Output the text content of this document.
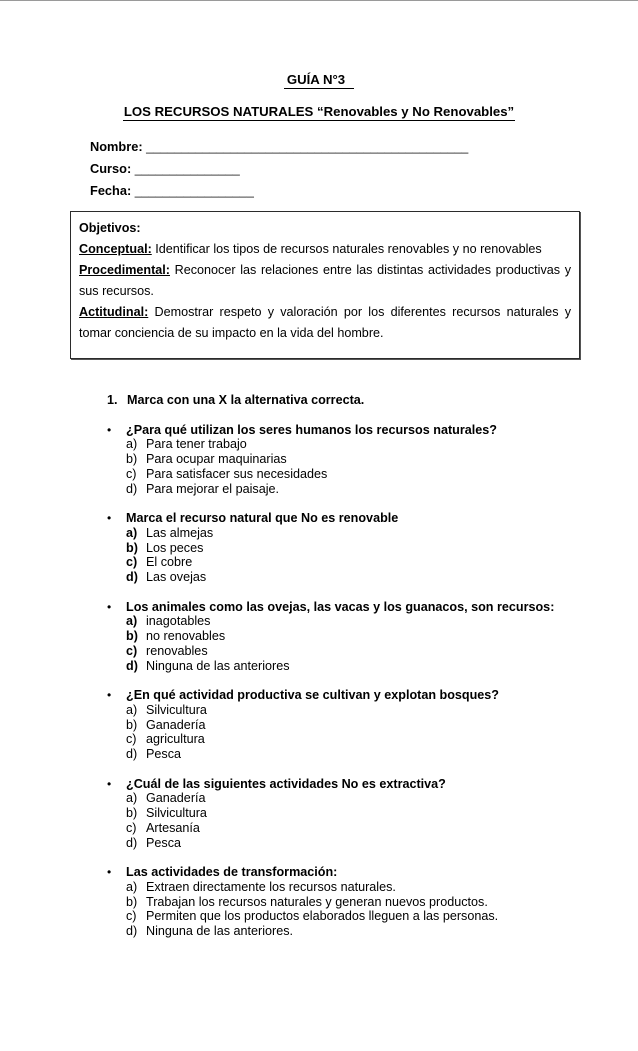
GUÍA N°3
LOS RECURSOS NATURALES “Renovables y No Renovables”
Nombre: ______________________________________________
Curso: _______________
Fecha: _________________
Objetivos:
Conceptual: Identificar los tipos de recursos naturales renovables y no renovables
Procedimental: Reconocer las relaciones entre las distintas actividades productivas y sus recursos.
Actitudinal: Demostrar respeto y valoración por los diferentes recursos naturales y tomar conciencia de su impacto en la vida del hombre.
1. Marca con una X la alternativa correcta.
•	¿Para qué utilizan los seres humanos los recursos naturales?
a) Para tener trabajo
b) Para ocupar maquinarias
c) Para satisfacer sus necesidades
d) Para mejorar el paisaje.
•	Marca el recurso natural que No es renovable
a) Las almejas
b) Los peces
c) El cobre
d) Las ovejas
•	Los animales como las ovejas, las vacas y los guanacos, son recursos:
a) inagotables
b) no renovables
c) renovables
d) Ninguna de las anteriores
•	¿En qué actividad productiva se cultivan y explotan bosques?
a) Silvicultura
b) Ganadería
c) agricultura
d) Pesca
•	¿Cuál de las siguientes actividades No es extractiva?
a) Ganadería
b) Silvicultura
c) Artesanía
d) Pesca
•	Las actividades de transformación:
a) Extraen directamente los recursos naturales.
b) Trabajan los recursos naturales y generan nuevos productos.
c) Permiten que los productos elaborados lleguen a las personas.
d) Ninguna de las anteriores.
